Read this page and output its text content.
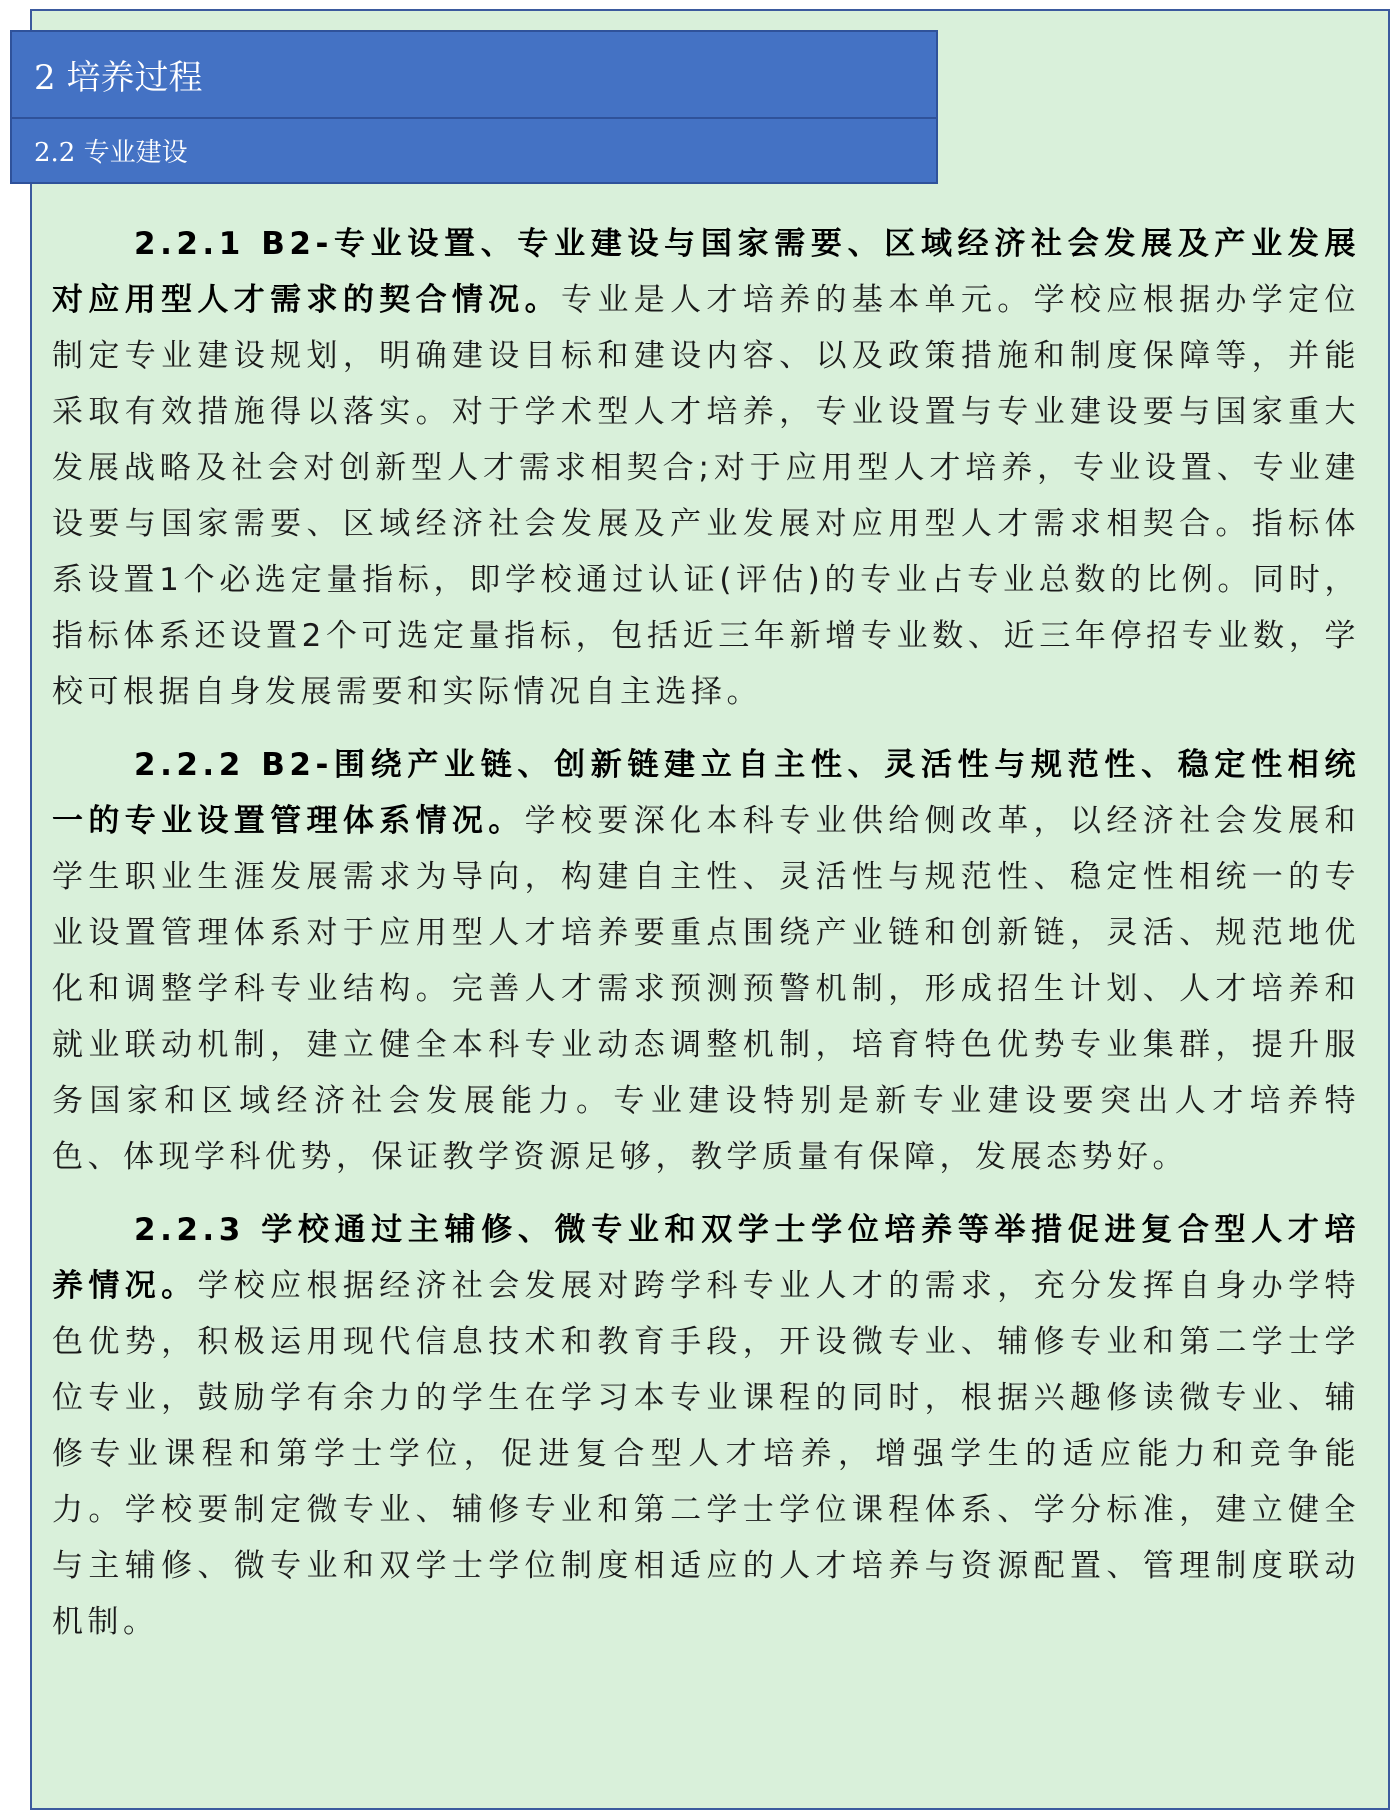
2 培养过程
2.2 专业建设

2.2.1 B2-专业设置、专业建设与国家需要、区域经济社会发展及产业发展对应用型人才需求的契合情况。专业是人才培养的基本单元。学校应根据办学定位制定专业建设规划，明确建设目标和建设内容、以及政策措施和制度保障等，并能采取有效措施得以落实。对于学术型人才培养，专业设置与专业建设要与国家重大发展战略及社会对创新型人才需求相契合;对于应用型人才培养，专业设置、专业建设要与国家需要、区域经济社会发展及产业发展对应用型人才需求相契合。指标体系设置1个必选定量指标，即学校通过认证(评估)的专业占专业总数的比例。同时，指标体系还设置2个可选定量指标，包括近三年新增专业数、近三年停招专业数，学校可根据自身发展需要和实际情况自主选择。

2.2.2 B2-围绕产业链、创新链建立自主性、灵活性与规范性、稳定性相统一的专业设置管理体系情况。学校要深化本科专业供给侧改革，以经济社会发展和学生职业生涯发展需求为导向，构建自主性、灵活性与规范性、稳定性相统一的专业设置管理体系对于应用型人才培养要重点围绕产业链和创新链，灵活、规范地优化和调整学科专业结构。完善人才需求预测预警机制，形成招生计划、人才培养和就业联动机制，建立健全本科专业动态调整机制，培育特色优势专业集群，提升服务国家和区域经济社会发展能力。专业建设特别是新专业建设要突出人才培养特色、体现学科优势，保证教学资源足够，教学质量有保障，发展态势好。

2.2.3 学校通过主辅修、微专业和双学士学位培养等举措促进复合型人才培养情况。学校应根据经济社会发展对跨学科专业人才的需求，充分发挥自身办学特色优势，积极运用现代信息技术和教育手段，开设微专业、辅修专业和第二学士学位专业，鼓励学有余力的学生在学习本专业课程的同时，根据兴趣修读微专业、辅修专业课程和第学士学位，促进复合型人才培养，增强学生的适应能力和竞争能力。学校要制定微专业、辅修专业和第二学士学位课程体系、学分标准，建立健全与主辅修、微专业和双学士学位制度相适应的人才培养与资源配置、管理制度联动机制。
